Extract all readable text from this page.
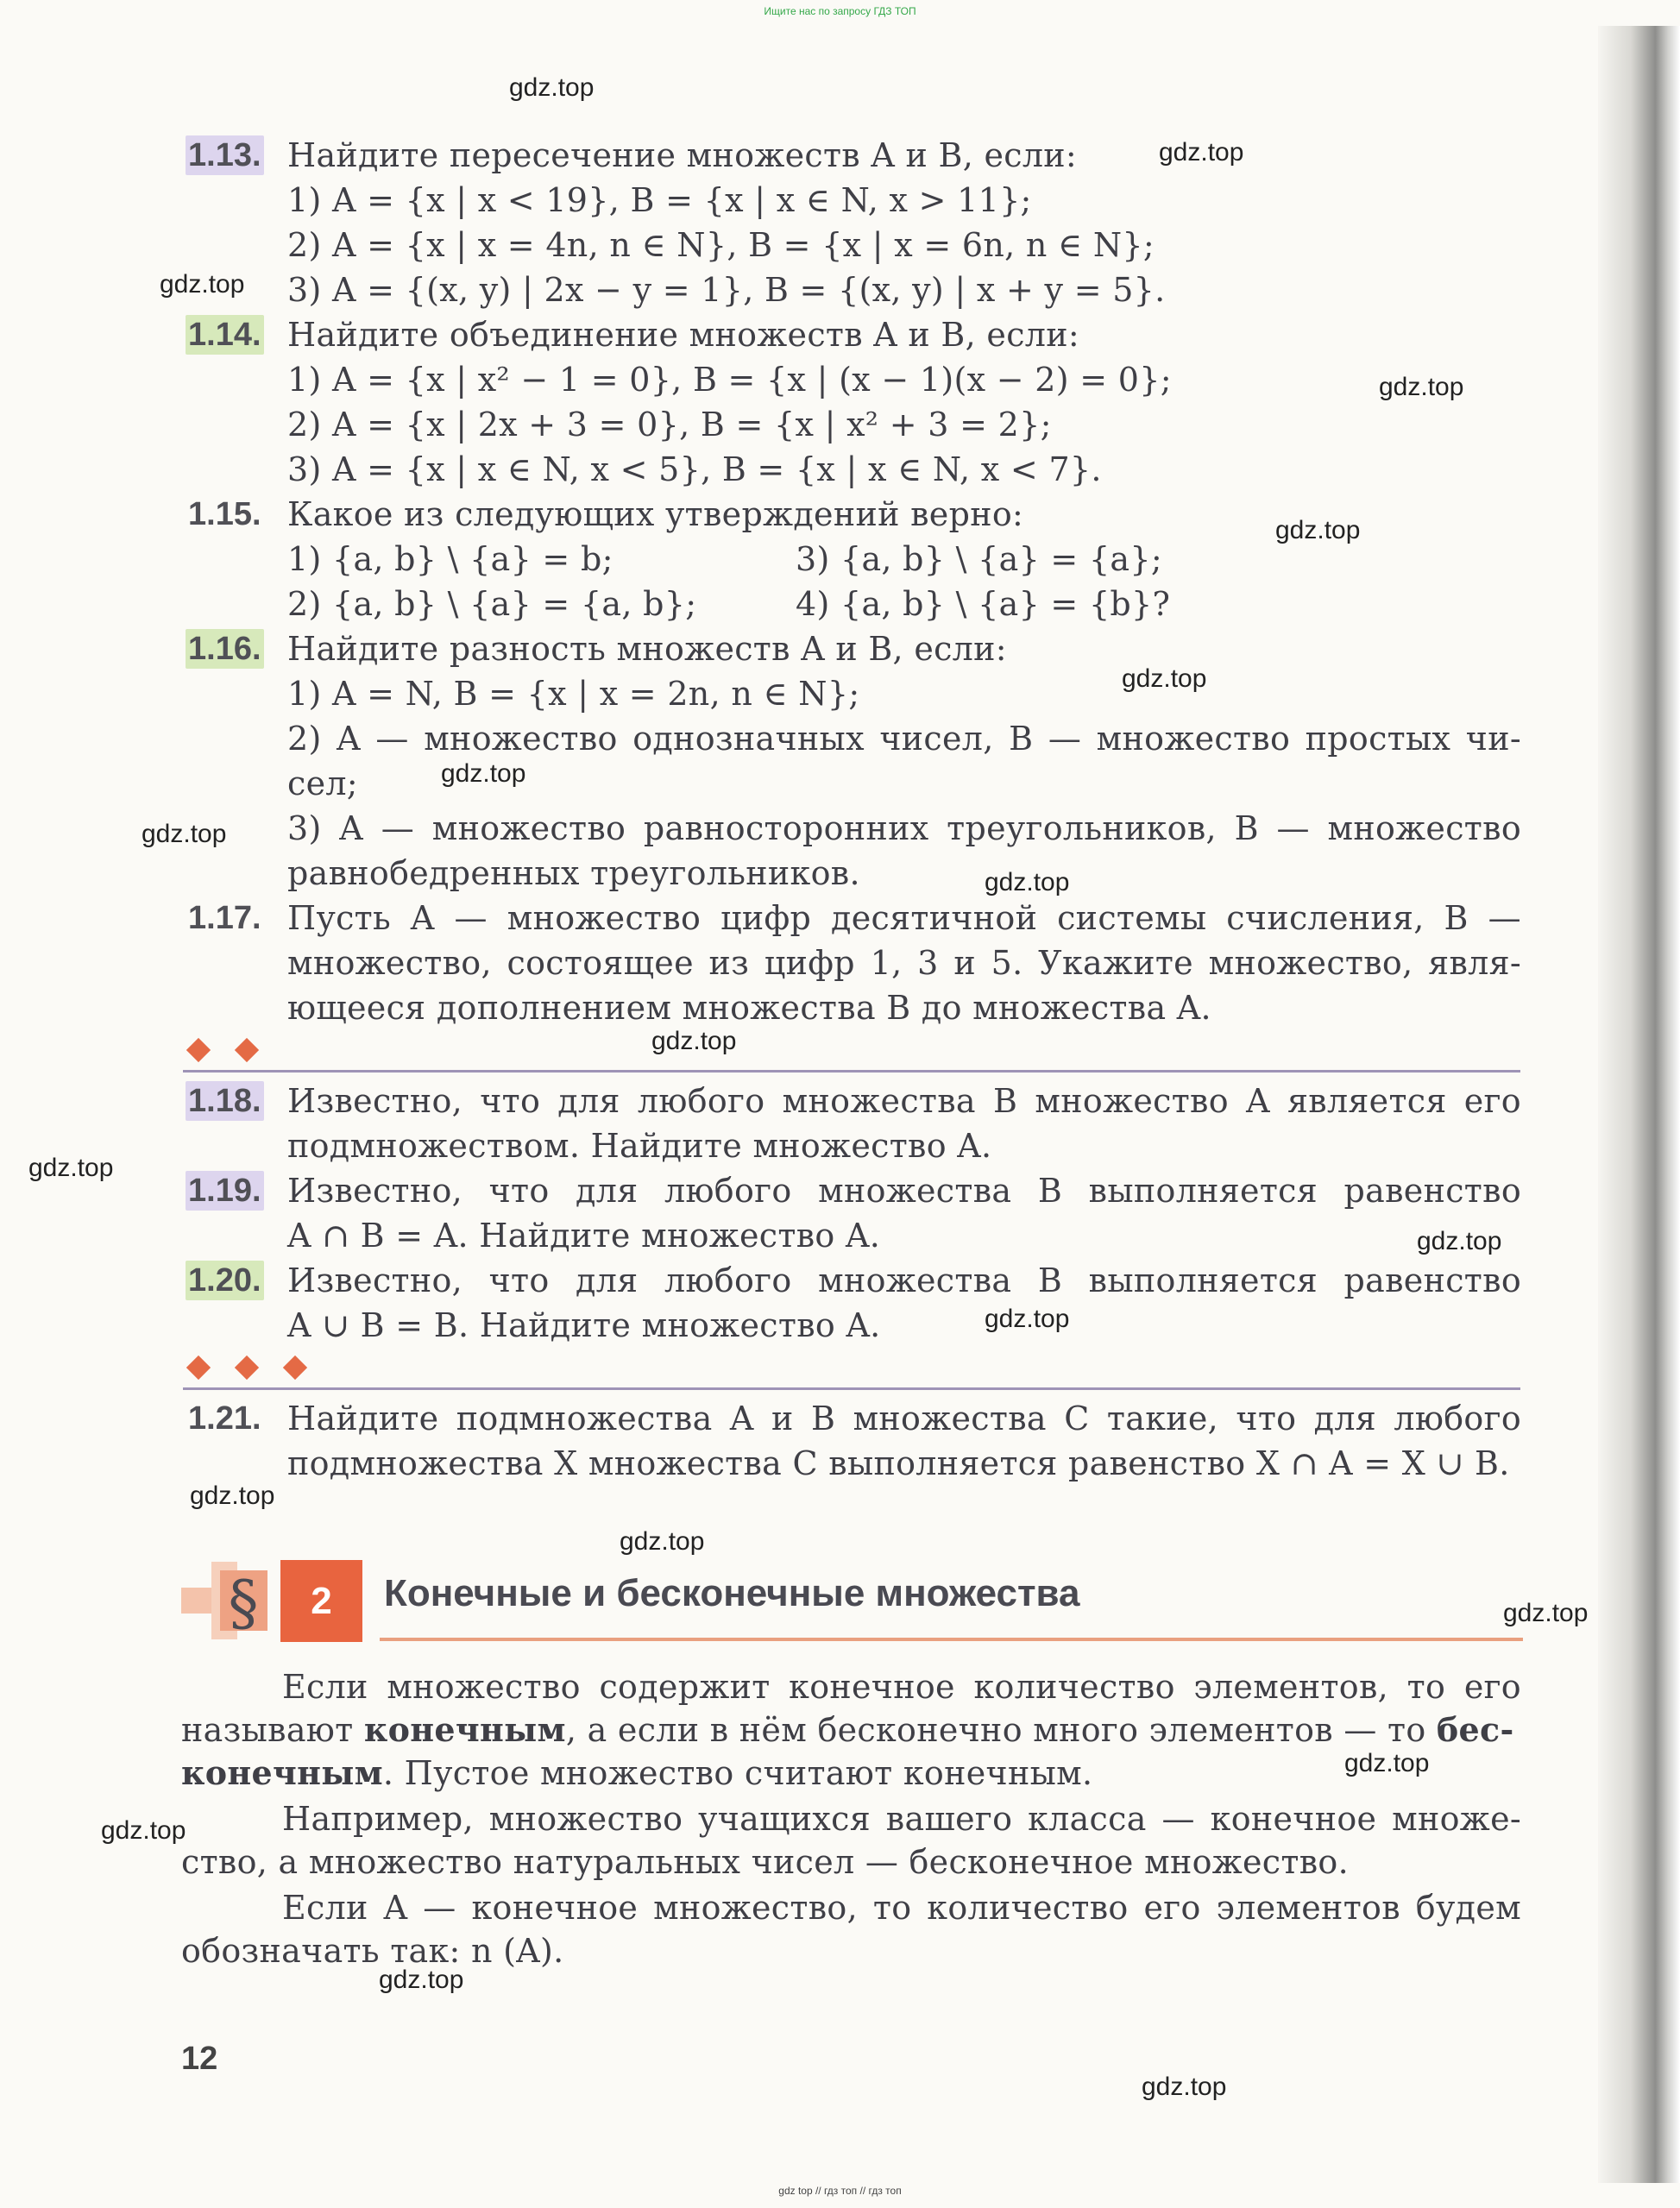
Ищите нас по запросу ГДЗ ТОП
1.13. Найдите пересечение множеств A и B, если:
1) A = {x | x < 19}, B = {x | x ∈ N, x > 11};
2) A = {x | x = 4n, n ∈ N}, B = {x | x = 6n, n ∈ N};
3) A = {(x, y) | 2x − y = 1}, B = {(x, y) | x + y = 5}.
1.14. Найдите объединение множеств A и B, если:
1) A = {x | x² − 1 = 0}, B = {x | (x − 1)(x − 2) = 0};
2) A = {x | 2x + 3 = 0}, B = {x | x² + 3 = 2};
3) A = {x | x ∈ N, x < 5}, B = {x | x ∈ N, x < 7}.
1.15. Какое из следующих утверждений верно:
1) {a, b} \ {a} = b;	3) {a, b} \ {a} = {a};
2) {a, b} \ {a} = {a, b};	4) {a, b} \ {a} = {b}?
1.16. Найдите разность множеств A и B, если:
1) A = N, B = {x | x = 2n, n ∈ N};
2) A — множество однозначных чисел, B — множество простых чи-
сел;
3) A — множество равносторонних треугольников, B — множество
равнобедренных треугольников.
1.17. Пусть A — множество цифр десятичной системы счисления, B —
множество, состоящее из цифр 1, 3 и 5. Укажите множество, явля-
ющееся дополнением множества B до множества A.
1.18. Известно, что для любого множества B множество A является его
подмножеством. Найдите множество A.
1.19. Известно, что для любого множества B выполняется равенство
A ∩ B = A. Найдите множество A.
1.20. Известно, что для любого множества B выполняется равенство
A ∪ B = B. Найдите множество A.
1.21. Найдите подмножества A и B множества C такие, что для любого
подмножества X множества C выполняется равенство X ∩ A = X ∪ B.
§	2	Конечные и бесконечные множества
Если множество содержит конечное количество элементов, то его
называют конечным, а если в нём бесконечно много элементов — то бес-
конечным. Пустое множество считают конечным.
Например, множество учащихся вашего класса — конечное множе-
ство, а множество натуральных чисел — бесконечное множество.
Если A — конечное множество, то количество его элементов будем
обозначать так: n (A).
12
gdz.top
gdz.top
gdz.top
gdz.top
gdz.top
gdz.top
gdz.top
gdz.top
gdz.top
gdz.top
gdz.top
gdz.top
gdz.top
gdz.top
gdz.top
gdz.top
gdz.top
gdz.top
gdz.top
gdz.top
gdz top // гдз топ // гдз топ
